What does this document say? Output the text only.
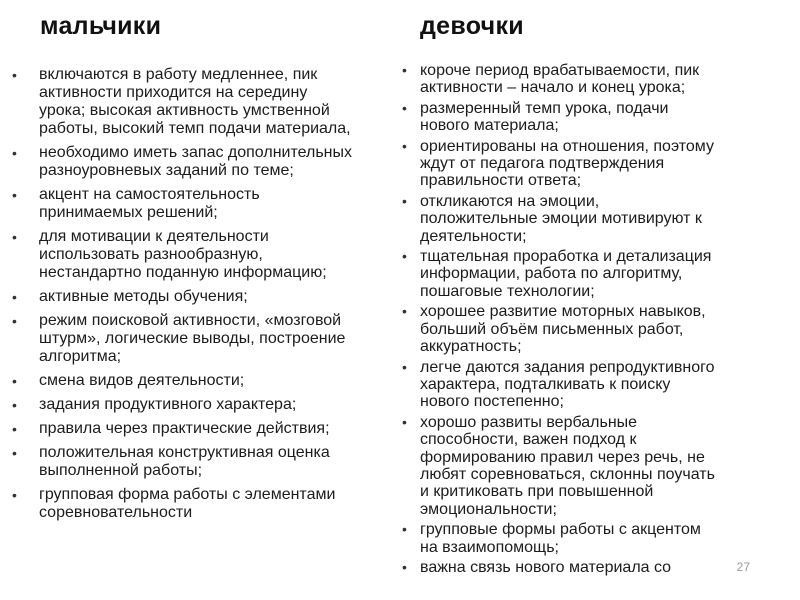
мальчики	девочки
• включаются в работу медленнее, пик
активности приходится на середину
урока; высокая активность умственной
работы, высокий темп подачи материала,
• необходимо иметь запас дополнительных
разноуровневых заданий по теме;
• акцент на самостоятельность
принимаемых решений;
• для мотивации к деятельности
использовать разнообразную,
нестандартно поданную информацию;
• активные методы обучения;
• режим поисковой активности, «мозговой
штурм», логические выводы, построение
алгоритма;
• смена видов деятельности;
• задания продуктивного характера;
• правила через практические действия;
• положительная конструктивная оценка
выполненной работы;
• групповая форма работы с элементами
соревновательности
• короче период врабатываемости, пик
активности – начало и конец урока;
• размеренный темп урока, подачи
нового материала;
• ориентированы на отношения, поэтому
ждут от педагога подтверждения
правильности ответа;
• откликаются на эмоции,
положительные эмоции мотивируют к
деятельности;
• тщательная проработка и детализация
информации, работа по алгоритму,
пошаговые технологии;
• хорошее развитие моторных навыков,
больший объём письменных работ,
аккуратность;
• легче даются задания репродуктивного
характера, подталкивать к поиску
нового постепенно;
• хорошо развиты вербальные
способности, важен подход к
формированию правил через речь, не
любят соревноваться, склонны поучать
и критиковать при повышенной
эмоциональности;
• групповые формы работы с акцентом
на взаимопомощь;
• важна связь нового материала со	27
